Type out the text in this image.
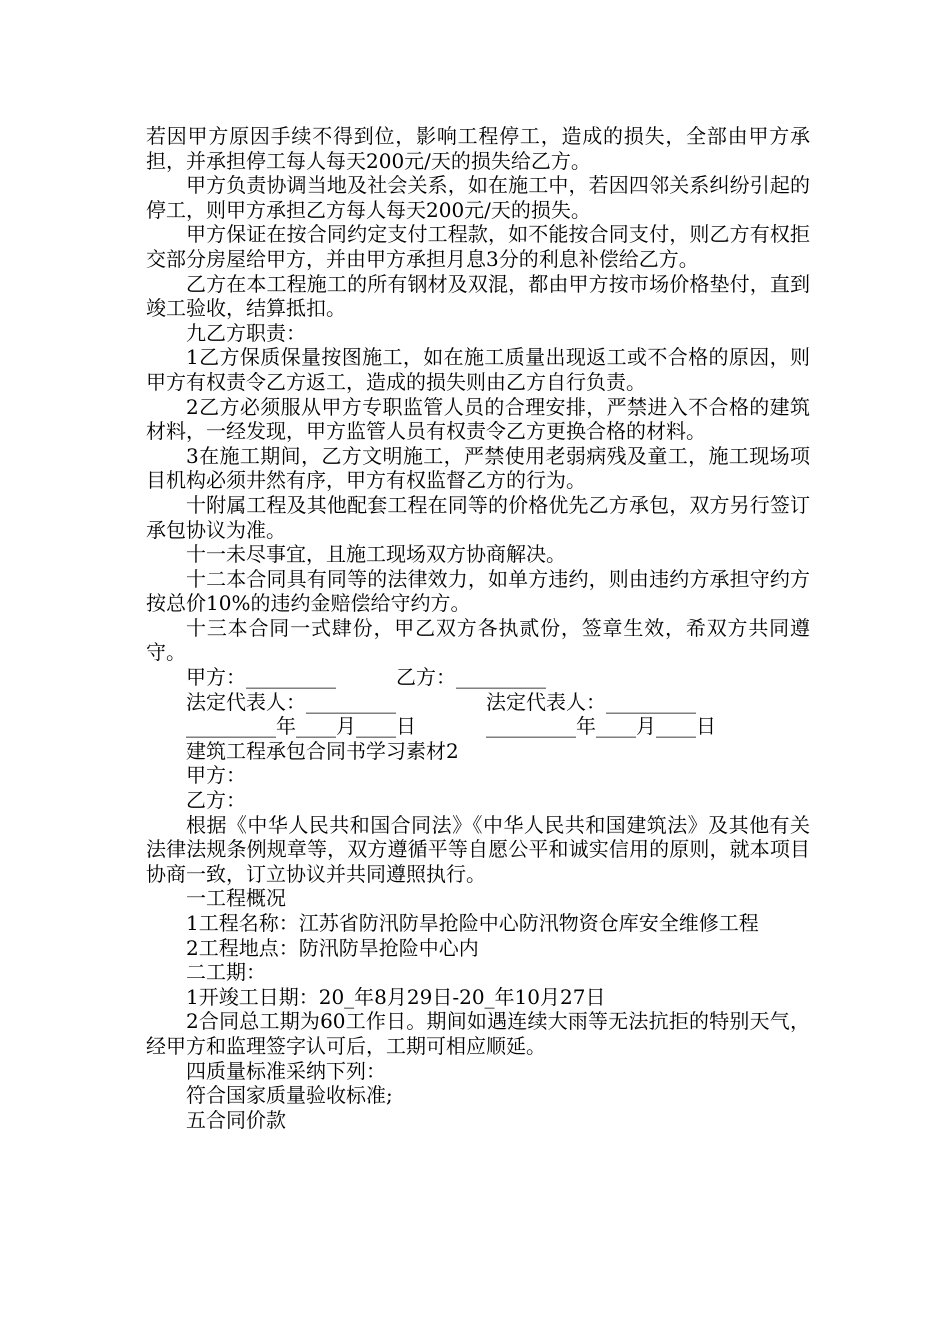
若因甲方原因手续不得到位，影响工程停工，造成的损失，全部由甲方承担，并承担停工每人每天200元/天的损失给乙方。

甲方负责协调当地及社会关系，如在施工中，若因四邻关系纠纷引起的停工，则甲方承担乙方每人每天200元/天的损失。

甲方保证在按合同约定支付工程款，如不能按合同支付，则乙方有权拒交部分房屋给甲方，并由甲方承担月息3分的利息补偿给乙方。

乙方在本工程施工的所有钢材及双混，都由甲方按市场价格垫付，直到竣工验收，结算抵扣。

九乙方职责：

1乙方保质保量按图施工，如在施工质量出现返工或不合格的原因，则甲方有权责令乙方返工，造成的损失则由乙方自行负责。

2乙方必须服从甲方专职监管人员的合理安排，严禁进入不合格的建筑材料，一经发现，甲方监管人员有权责令乙方更换合格的材料。

3在施工期间，乙方文明施工，严禁使用老弱病残及童工，施工现场项目机构必须井然有序，甲方有权监督乙方的行为。

十附属工程及其他配套工程在同等的价格优先乙方承包，双方另行签订承包协议为准。

十一未尽事宜，且施工现场双方协商解决。

十二本合同具有同等的法律效力，如单方违约，则由违约方承担守约方按总价10%的违约金赔偿给守约方。

十三本合同一式肆份，甲乙双方各执贰份，签章生效，希双方共同遵守。

甲方：_________	乙方：_________
法定代表人：_________	法定代表人：_________
_________年____月____日	_________年____月____日

建筑工程承包合同书学习素材2

甲方：

乙方：

根据《中华人民共和国合同法》《中华人民共和国建筑法》及其他有关法律法规条例规章等，双方遵循平等自愿公平和诚实信用的原则，就本项目协商一致，订立协议并共同遵照执行。

一工程概况

1工程名称：江苏省防汛防旱抢险中心防汛物资仓库安全维修工程

2工程地点：防汛防旱抢险中心内

二工期：

1开竣工日期：20_年8月29日-20_年10月27日

2合同总工期为60工作日。期间如遇连续大雨等无法抗拒的特别天气，经甲方和监理签字认可后，工期可相应顺延。

四质量标准采纳下列：

符合国家质量验收标准;

五合同价款
